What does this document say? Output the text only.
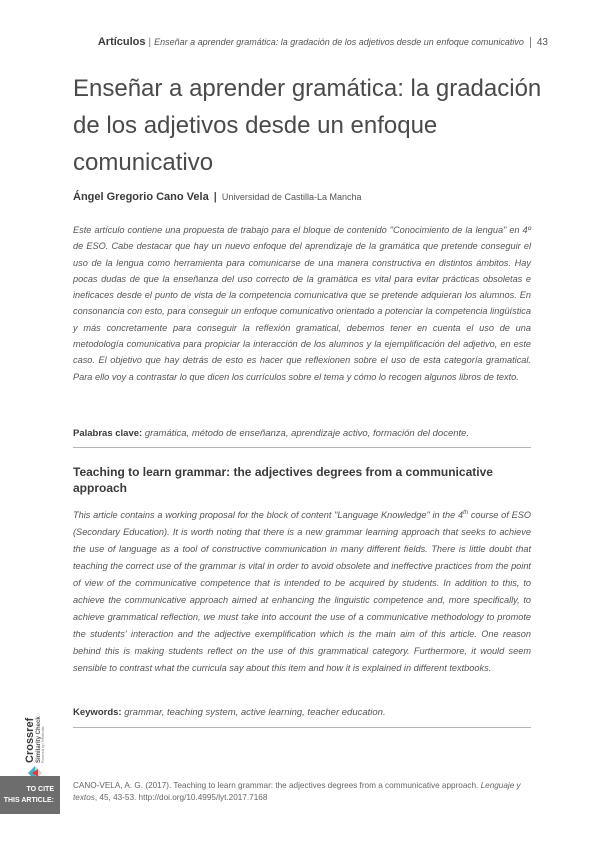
Artículos | Enseñar a aprender gramática: la gradación de los adjetivos desde un enfoque comunicativo	43
Enseñar a aprender gramática: la gradación de los adjetivos desde un enfoque comunicativo
Ángel Gregorio Cano Vela | Universidad de Castilla-La Mancha

Este artículo contiene una propuesta de trabajo para el bloque de contenido "Conocimiento de la lengua" en 4º de ESO. Cabe destacar que hay un nuevo enfoque del aprendizaje de la gramática que pretende conseguir el uso de la lengua como herramienta para comunicarse de una manera constructiva en distintos ámbitos. Hay pocas dudas de que la enseñanza del uso correcto de la gramática es vital para evitar prácticas obsoletas e ineficaces desde el punto de vista de la competencia comunicativa que se pretende adquieran los alumnos. En consonancia con esto, para conseguir un enfoque comunicativo orientado a potenciar la competencia lingüística y más concretamente para conseguir la reflexión gramatical, debemos tener en cuenta el uso de una metodología comunicativa para propiciar la interacción de los alumnos y la ejemplificación del adjetivo, en este caso. El objetivo que hay detrás de esto es hacer que reflexionen sobre el uso de esta categoría gramatical. Para ello voy a contrastar lo que dicen los currículos sobre el tema y cómo lo recogen algunos libros de texto.

Palabras clave: gramática, método de enseñanza, aprendizaje activo, formación del docente.

Teaching to learn grammar: the adjectives degrees from a communicative approach

This article contains a working proposal for the block of content "Language Knowledge" in the 4th course of ESO (Secondary Education). It is worth noting that there is a new grammar learning approach that seeks to achieve the use of language as a tool of constructive communication in many different fields. There is little doubt that teaching the correct use of the grammar is vital in order to avoid obsolete and ineffective practices from the point of view of the communicative competence that is intended to be acquired by students. In addition to this, to achieve the communicative approach aimed at enhancing the linguistic competence and, more specifically, to achieve grammatical reflection, we must take into account the use of a communicative methodology to promote the students' interaction and the adjective exemplification which is the main aim of this article. One reason behind this is making students reflect on the use of this grammatical category. Furthermore, it would seem sensible to contrast what the curricula say about this item and how it is explained in different textbooks.

Keywords: grammar, teaching system, active learning, teacher education.

Crossref Similarity Check Powered by iThenticate
TO CITE
THIS ARTICLE:

CANO-VELA, A. G. (2017). Teaching to learn grammar: the adjectives degrees from a communicative approach. Lenguaje y textos, 45, 43-53. http://doi.org/10.4995/lyt.2017.7168
